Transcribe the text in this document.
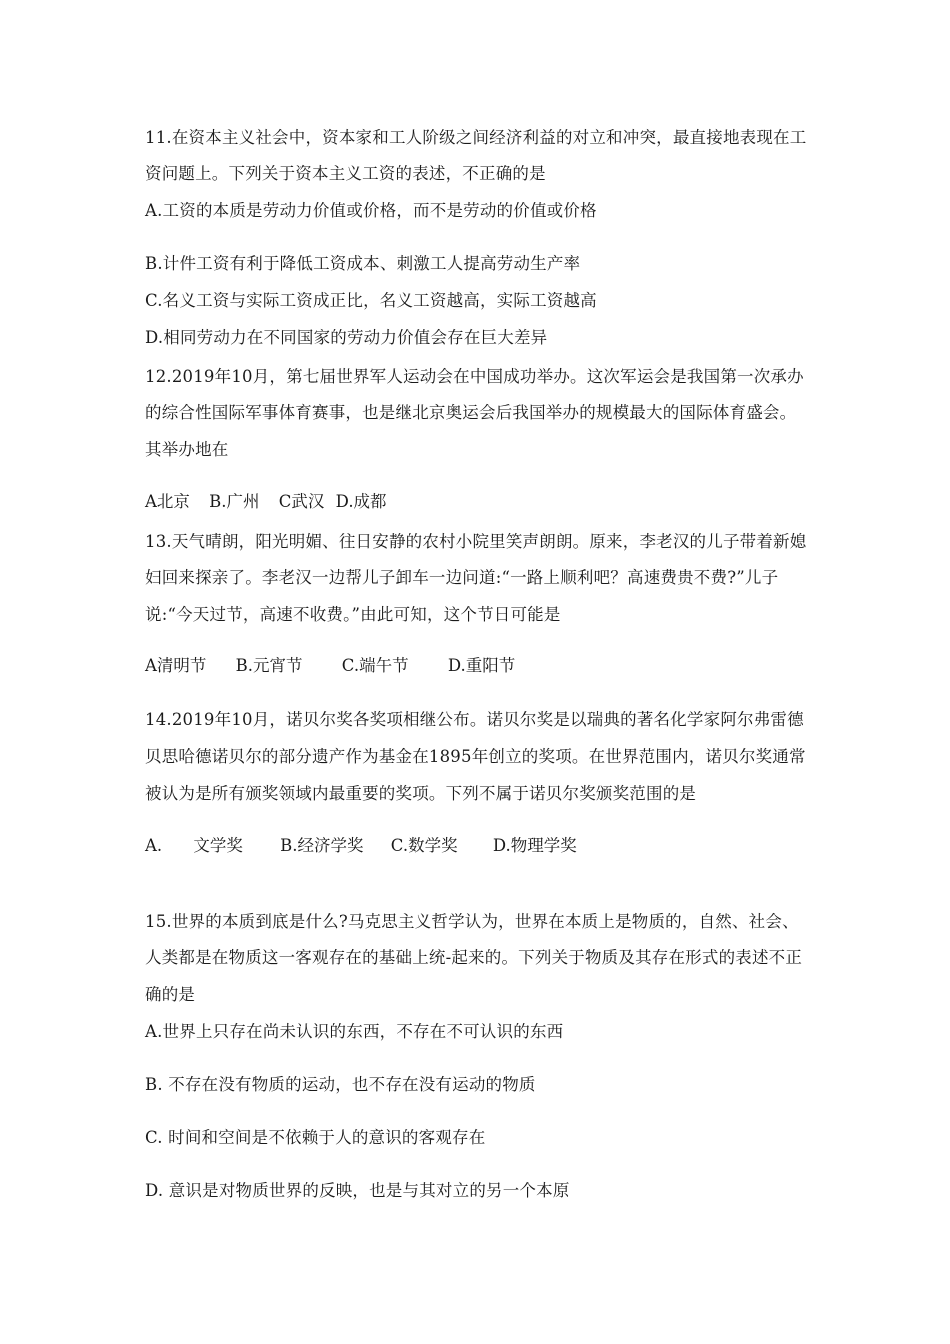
11.在资本主义社会中，资本家和工人阶级之间经济利益的对立和冲突，最直接地表现在工
资问题上。下列关于资本主义工资的表述，不正确的是
A.工资的本质是劳动力价值或价格，而不是劳动的价值或价格
B.计件工资有利于降低工资成本、刺激工人提高劳动生产率
C.名义工资与实际工资成正比，名义工资越高，实际工资越高
D.相同劳动力在不同国家的劳动力价值会存在巨大差异
12.2019年10月，第七届世界军人运动会在中国成功举办。这次军运会是我国第一次承办
的综合性国际军事体育赛事，也是继北京奥运会后我国举办的规模最大的国际体育盛会。
其举办地在
A北京 B.广州 C武汉 D.成都
13.天气晴朗，阳光明媚、往日安静的农村小院里笑声朗朗。原来，李老汉的儿子带着新媳
妇回来探亲了。李老汉一边帮儿子卸车一边问道:“一路上顺利吧？高速费贵不费?”儿子
说:“今天过节，高速不收费。”由此可知，这个节日可能是
A清明节 B.元宵节 C.端午节 D.重阳节
14.2019年10月，诺贝尔奖各奖项相继公布。诺贝尔奖是以瑞典的著名化学家阿尔弗雷德
贝思哈德诺贝尔的部分遗产作为基金在1895年创立的奖项。在世界范围内，诺贝尔奖通常
被认为是所有颁奖领域内最重要的奖项。下列不属于诺贝尔奖颁奖范围的是
A. 文学奖 B.经济学奖 C.数学奖 D.物理学奖
15.世界的本质到底是什么?马克思主义哲学认为，世界在本质上是物质的，自然、社会、
人类都是在物质这一客观存在的基础上统-起来的。下列关于物质及其存在形式的表述不正
确的是
A.世界上只存在尚未认识的东西，不存在不可认识的东西
B. 不存在没有物质的运动，也不存在没有运动的物质
C. 时间和空间是不依赖于人的意识的客观存在
D. 意识是对物质世界的反映，也是与其对立的另一个本原
